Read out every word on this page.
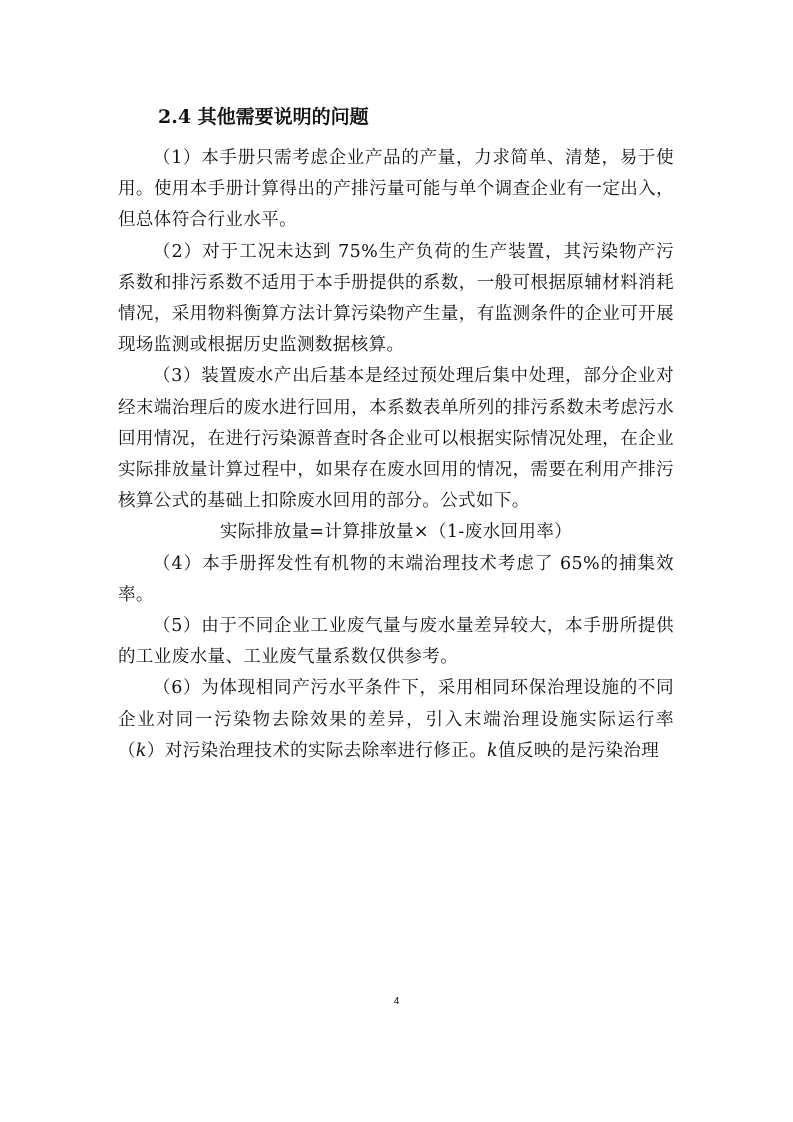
2.4 其他需要说明的问题

（1）本手册只需考虑企业产品的产量，力求简单、清楚，易于使用。使用本手册计算得出的产排污量可能与单个调查企业有一定出入，但总体符合行业水平。

（2）对于工况未达到 75%生产负荷的生产装置，其污染物产污系数和排污系数不适用于本手册提供的系数，一般可根据原辅材料消耗情况，采用物料衡算方法计算污染物产生量，有监测条件的企业可开展现场监测或根据历史监测数据核算。

（3）装置废水产出后基本是经过预处理后集中处理，部分企业对经末端治理后的废水进行回用，本系数表单所列的排污系数未考虑污水回用情况，在进行污染源普查时各企业可以根据实际情况处理，在企业实际排放量计算过程中，如果存在废水回用的情况，需要在利用产排污核算公式的基础上扣除废水回用的部分。公式如下。

实际排放量=计算排放量×（1-废水回用率）

（4）本手册挥发性有机物的末端治理技术考虑了 65%的捕集效率。

（5）由于不同企业工业废气量与废水量差异较大，本手册所提供的工业废水量、工业废气量系数仅供参考。

（6）为体现相同产污水平条件下，采用相同环保治理设施的不同企业对同一污染物去除效果的差异，引入末端治理设施实际运行率（k）对污染治理技术的实际去除率进行修正。k值反映的是污染治理

4
